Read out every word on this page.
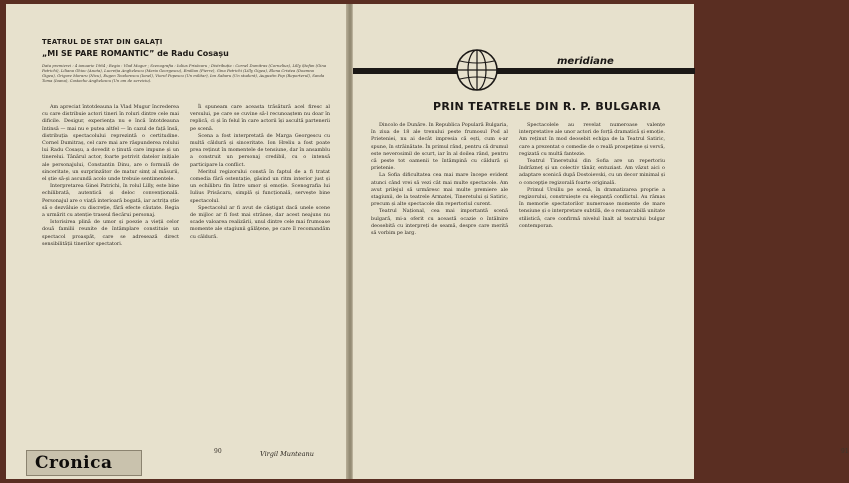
TEATRUL DE STAT DIN GALAȚI
„MI SE PARE ROMANTIC” de Radu Cosașu
Data premierei : 4 ianuarie 1964 ; Regia : Vlad Mugur ; Scenografia : Iulius Prisăcaru ; Distribuția : Cornel Dumitras (Cornelius), Lilly Ștefan (Gina Patrichi), Liliana Ghioc (Aneta), Lucreția Anghelescu (Maria Georgescu), Emilian (Pierre), Gina Patrichi (Lilly Gigea), Elena Cristea (Doamna Gigea), Grigore Moraru (Nicu), Eugen Teodorescu (Ionel), Viorel Popescu (Un militar), Ion Sabaru (Un student), Augustin Pop (Reporterul), Sanda Toma (Ioana), Costache Anghelescu (Un om de serviciu).

Am apreciat întotdeauna la Vlad Mugur încrederea cu care distribuie actori tineri în roluri dintre cele mai dificile. Desigur, experiența nu e încă întotdeauna întinsă — mai nu e putea altfel — în cazul de față însă, distribuția spectacolului reprezintă o certitudine. Cornel Dumitraș, cel care mai are răspunderea rolului lui Radu Cosașu, a dovedit o ținută care impune și un tinerelui. Tânărul actor, foarte potrivit datelor inițiale ale personajului, Constantin Dinu, are o formulă de sinceritate, un surprinzător de matur simț al măsurii, el știe să-și ascundă acolo unde trebuie sentimentele.

Interpretarea Ginei Patrichi, în rolul Lilly, este bine echilibrată, autentică și deloc convențională. Personajul are o viață interioară bogată, iar actrița știe să o dezvăluie cu discreție, fără efecte căutate. Regia a urmărit cu atenție traseul fiecărui personaj.

Istorisirea plină de umor și poezie a vieții celor două familii reunite de întâmplare constituie un spectacol proaspăt, care se adresează direct sensibilității tinerilor spectatori.

Îi spuneam care aceasta trăsătură acel firesc al versului, pe care se cuvine să-l recunoaștem nu doar în replică, ci și în felul în care actorii își ascultă partenerii pe scenă.

Scena a fost interpretată de Marga Georgescu cu multă căldură și sinceritate. Ion Hreliu a fost poate prea reținut în momentele de tensiune, dar în ansamblu a construit un personaj credibil, cu o intensă participare la conflict.

Meritul regizorului constă în faptul de a fi tratat comedia fără ostentație, găsind un ritm interior just și un echilibru fin între umor și emoție. Scenografia lui Iulius Prisăcaru, simplă și funcțională, servește bine spectacolul.

Spectacolul ar fi avut de câștigat dacă unele scene de mijloc ar fi fost mai strânse, dar acest neajuns nu scade valoarea realizării, unul dintre cele mai frumoase momente ale stagiunii gălățene, pe care îl recomandăm cu căldură.

Virgil Munteanu
90
Cronica
meridiane
PRIN TEATRELE DIN R. P. BULGARIA

Dincolo de Dunăre. In Republica Populară Bulgaria, în ziua de 18 ale trenului peste frumosul Pod al Prieteniei, nu ai decât impresia că ești, cum s-ar spune, în străinătate. În primul rând, pentru că drumul este neverosimil de scurt, iar în al doilea rând, pentru că peste tot oamenii te întâmpină cu căldură și prietenie.

La Sofia dificultatea cea mai mare începe evident atunci când vrei să vezi cât mai multe spectacole. Am avut prilejul să urmăresc mai multe premiere ale stagiunii, de la teatrele Armatei, Tineretului și Satiric, precum și alte spectacole din repertoriul curent.

Teatrul Național, cea mai importantă scenă bulgară, mi-a oferit cu această ocazie o întâlnire deosebită cu interpreți de seamă, despre care merită să vorbim pe larg.

Spectacolele au revelat numeroase valențe interpretative ale unor actori de forță dramatică și emoție. Am reținut în mod deosebit echipa de la Teatrul Satiric, care a prezentat o comedie de o reală prospețime și vervă, regizată cu multă fantezie.

Teatrul Tineretului din Sofia are un repertoriu îndrăzneț și un colectiv tânăr, entuziast. Am văzut aici o adaptare scenică după Dostoievski, cu un decor minimal și o concepție regizorală foarte originală.

Primul Ursiliu pe scenă, în dramatizarea proprie a regizorului, construiește cu eleganță conflictul. Au rămas în memorie spectatorilor numeroase momente de mare tensiune și o interpretare subtilă, de o remarcabilă unitate stilistică, care confirmă nivelul înalt al teatrului bulgar contemporan.

91
